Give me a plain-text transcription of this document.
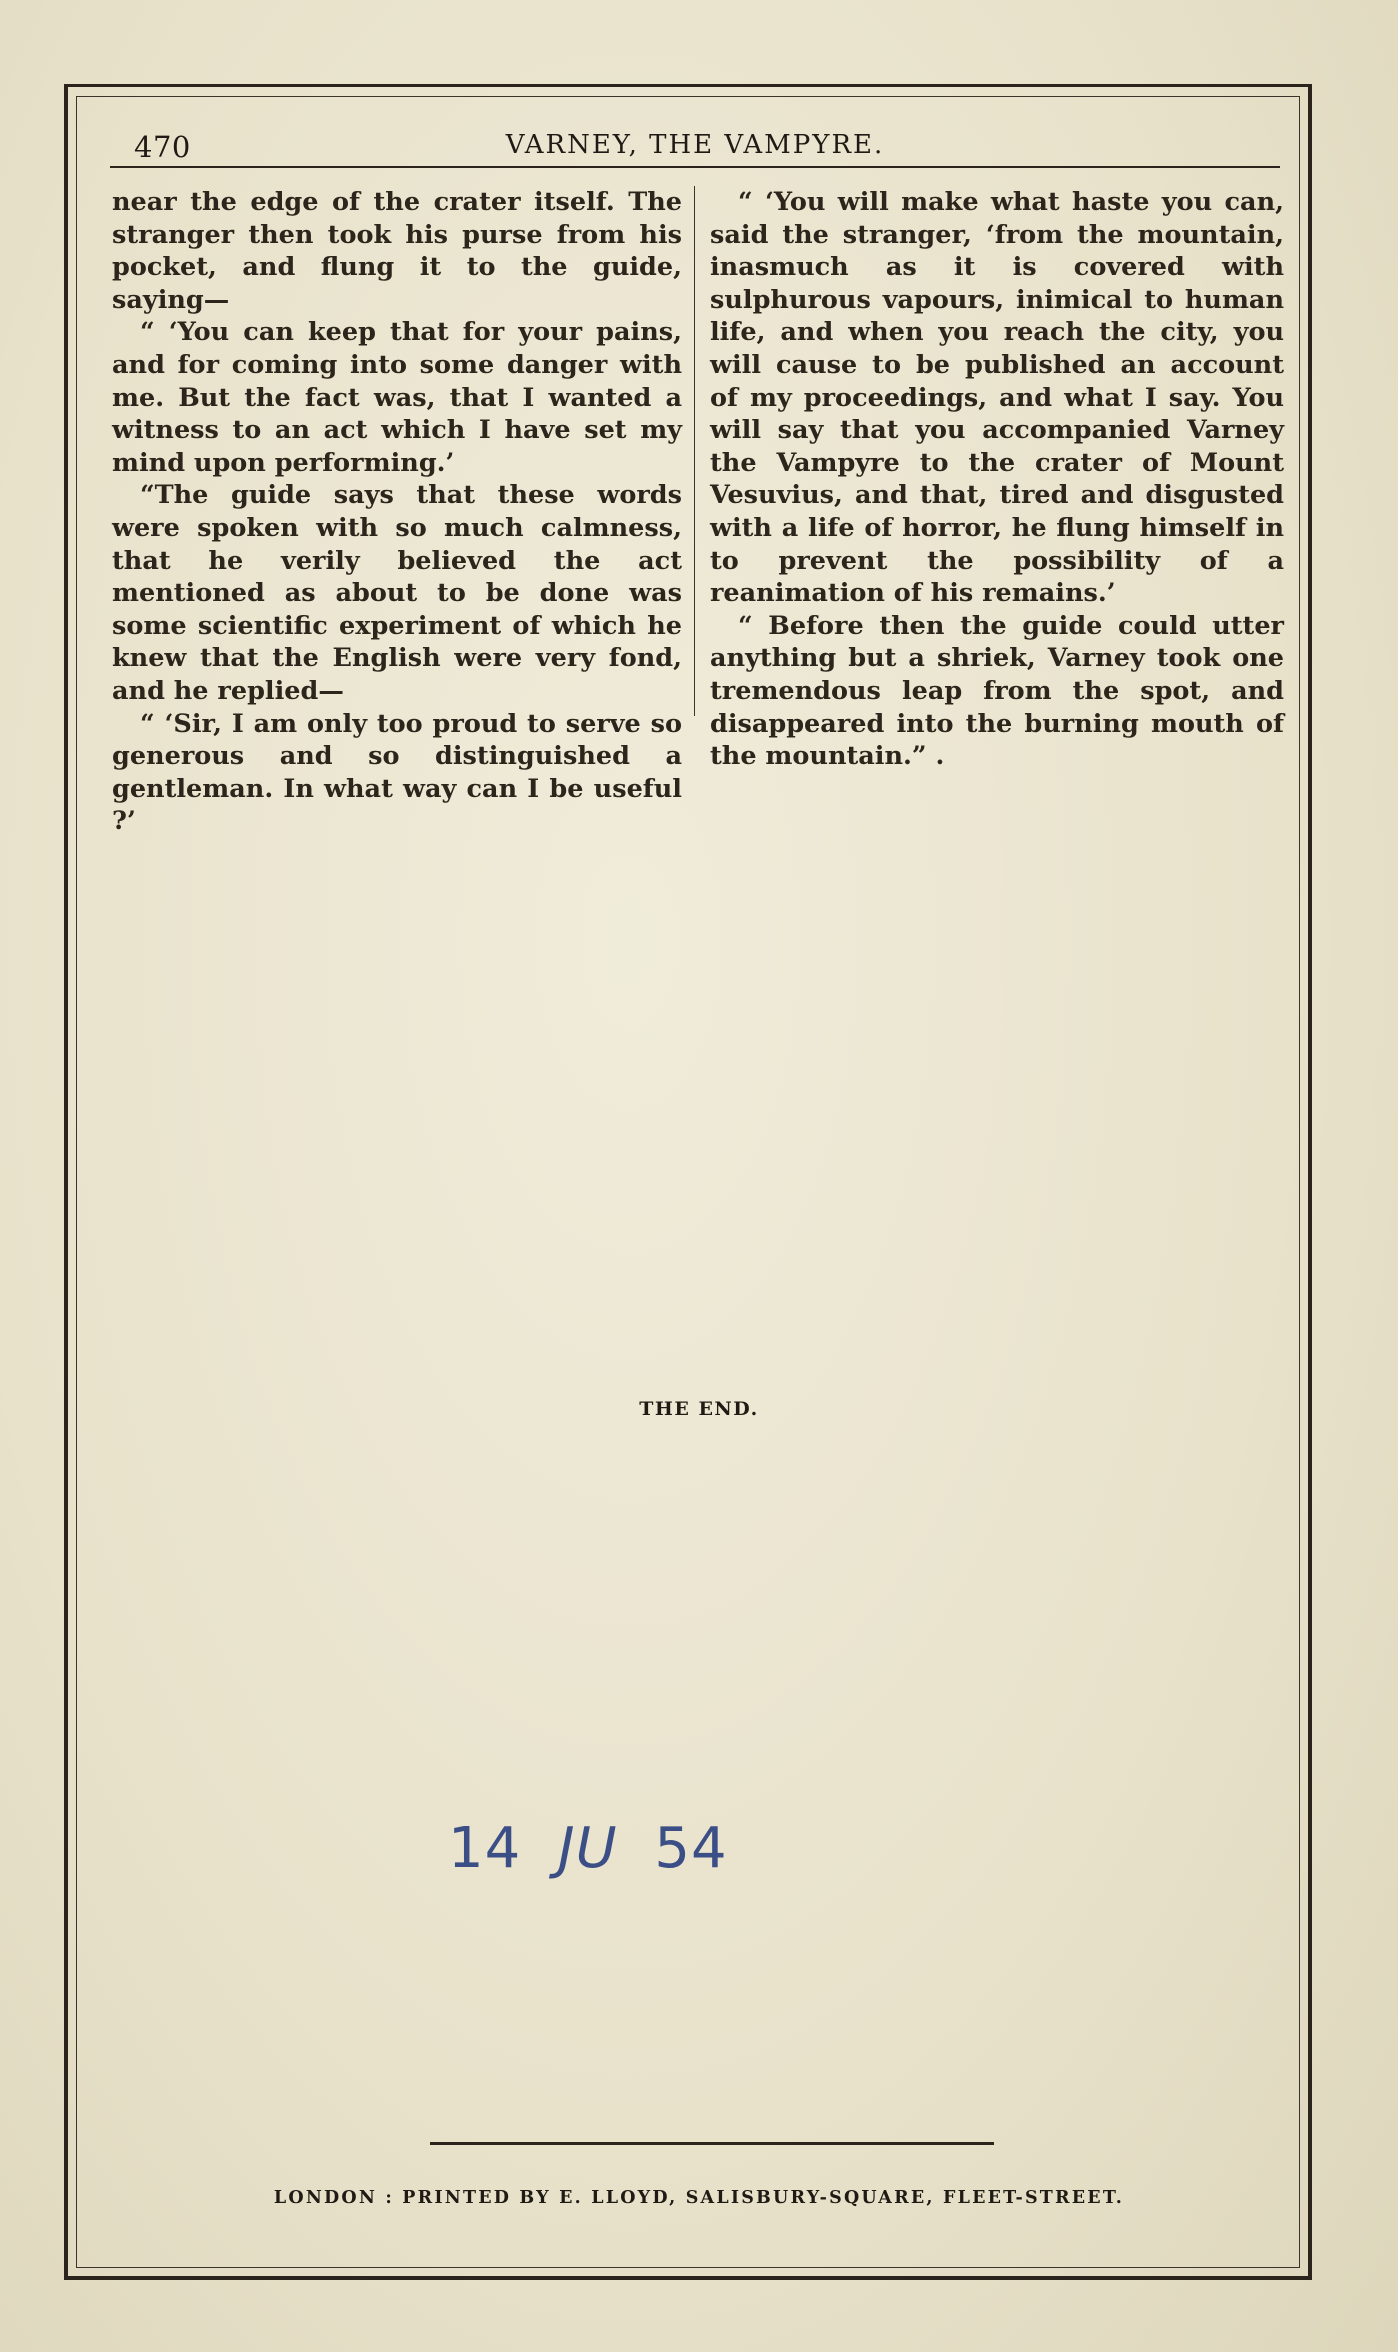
470	VARNEY, THE VAMPYRE.

near the edge of the crater itself. The stranger then took his purse from his pocket, and flung it to the guide, saying—

“ ‘You can keep that for your pains, and for coming into some danger with me. But the fact was, that I wanted a witness to an act which I have set my mind upon performing.’

“The guide says that these words were spoken with so much calmness, that he verily believed the act mentioned as about to be done was some scientific experiment of which he knew that the English were very fond, and he replied—

“ ‘Sir, I am only too proud to serve so generous and so distinguished a gentleman. In what way can I be useful ?’

“ ‘You will make what haste you can, said the stranger, ‘from the mountain, inasmuch as it is covered with sulphurous vapours, inimical to human life, and when you reach the city, you will cause to be published an account of my proceedings, and what I say. You will say that you accompanied Varney the Vampyre to the crater of Mount Vesuvius, and that, tired and disgusted with a life of horror, he flung himself in to prevent the possibility of a reanimation of his remains.’

“ Before then the guide could utter anything but a shriek, Varney took one tremendous leap from the spot, and disappeared into the burning mouth of the mountain.” .

THE END.
14 JU 54
LONDON : PRINTED BY E. LLOYD, SALISBURY-SQUARE, FLEET-STREET.
